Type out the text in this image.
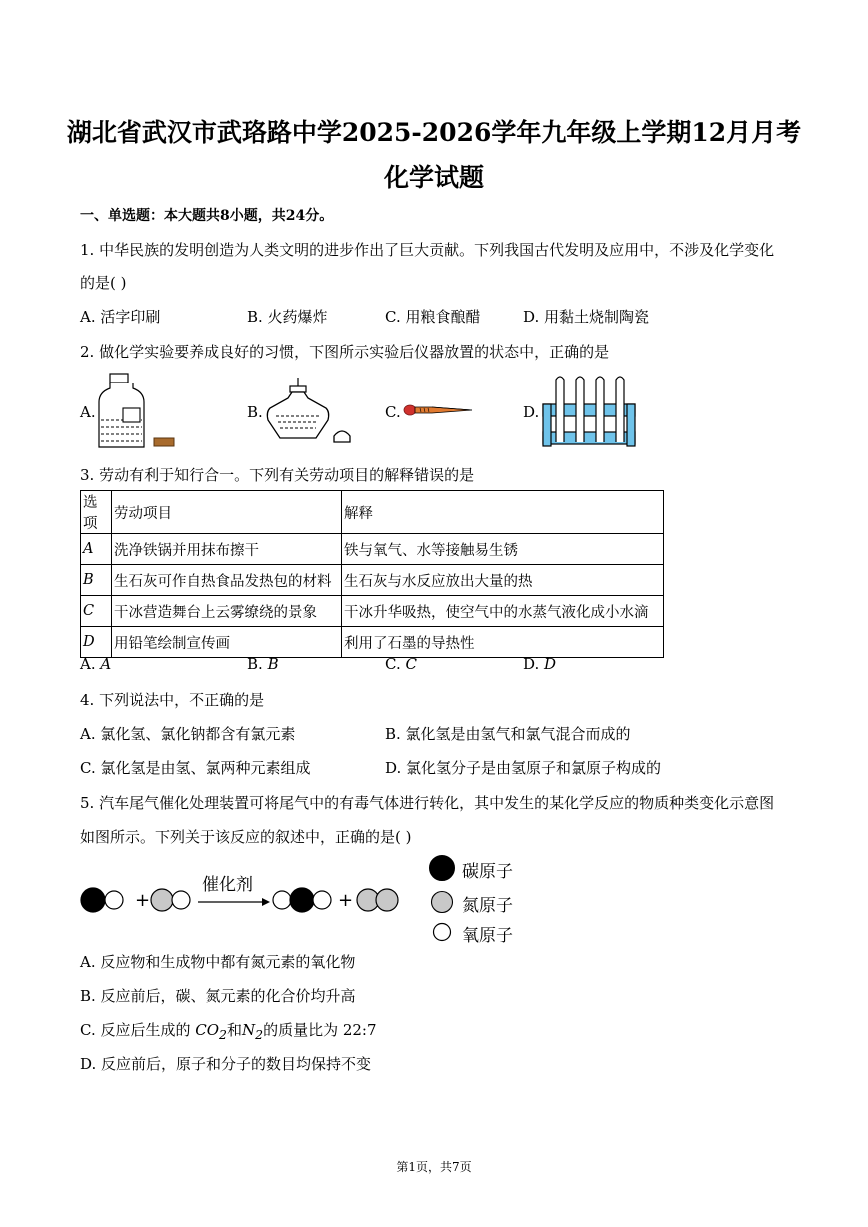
湖北省武汉市武珞路中学2025-2026学年九年级上学期12月月考
化学试题
一、单选题：本大题共8小题，共24分。
1. 中华民族的发明创造为人类文明的进步作出了巨大贡献。下列我国古代发明及应用中，不涉及化学变化
的是( )
A. 活字印刷	B. 火药爆炸	C. 用粮食酿醋	D. 用黏土烧制陶瓷
2. 做化学实验要养成良好的习惯，下图所示实验后仪器放置的状态中，正确的是
A.	B.	C.	D.
3. 劳动有利于知行合一。下列有关劳动项目的解释错误的是
选项	劳动项目	解释
A	洗净铁锅并用抹布擦干	铁与氧气、水等接触易生锈
B	生石灰可作自热食品发热包的材料	生石灰与水反应放出大量的热
C	干冰营造舞台上云雾缭绕的景象	干冰升华吸热，使空气中的水蒸气液化成小水滴
D	用铅笔绘制宣传画	利用了石墨的导热性
A. A	B. B	C. C	D. D
4. 下列说法中，不正确的是
A. 氯化氢、氯化钠都含有氯元素	B. 氯化氢是由氢气和氯气混合而成的
C. 氯化氢是由氢、氯两种元素组成	D. 氯化氢分子是由氢原子和氯原子构成的
5. 汽车尾气催化处理装置可将尾气中的有毒气体进行转化，其中发生的某化学反应的物质种类变化示意图
如图所示。下列关于该反应的叙述中，正确的是( )
+
催化剂
+
碳原子
氮原子
氧原子
A. 反应物和生成物中都有氮元素的氧化物
B. 反应前后，碳、氮元素的化合价均升高
C. 反应后生成的 $CO_2$和$N_2$的质量比为 22:7
D. 反应前后，原子和分子的数目均保持不变
第1页，共7页
